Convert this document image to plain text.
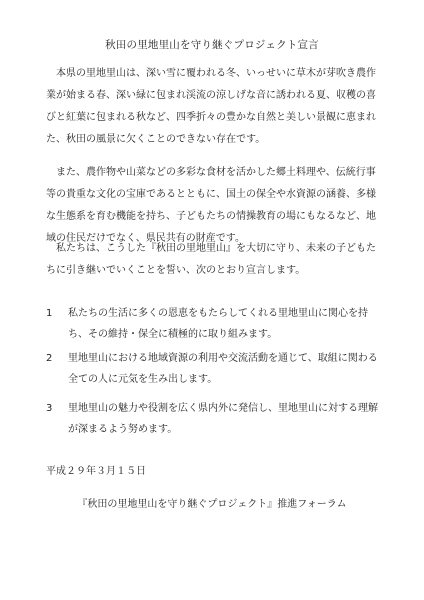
秋田の里地里山を守り継ぐプロジェクト宣言

本県の里地里山は、深い雪に覆われる冬、いっせいに草木が芽吹き農作業が始まる春、深い緑に包まれ渓流の涼しげな音に誘われる夏、収穫の喜びと紅葉に包まれる秋など、四季折々の豊かな自然と美しい景観に恵まれた、秋田の風景に欠くことのできない存在です。

また、農作物や山菜などの多彩な食材を活かした郷土料理や、伝統行事等の貴重な文化の宝庫であるとともに、国土の保全や水資源の涵養、多様な生態系を育む機能を持ち、子どもたちの情操教育の場にもなるなど、地域の住民だけでなく、県民共有の財産です。

私たちは、こうした『秋田の里地里山』を大切に守り、未来の子どもたちに引き継いでいくことを誓い、次のとおり宣言します。

1	私たちの生活に多くの恩恵をもたらしてくれる里地里山に関心を持ち、その維持・保全に積極的に取り組みます。
2	里地里山における地域資源の利用や交流活動を通じて、取組に関わる全ての人に元気を生み出します。
3	里地里山の魅力や役割を広く県内外に発信し、里地里山に対する理解が深まるよう努めます。
平成２９年３月１５日
『秋田の里地里山を守り継ぐプロジェクト』推進フォーラム
